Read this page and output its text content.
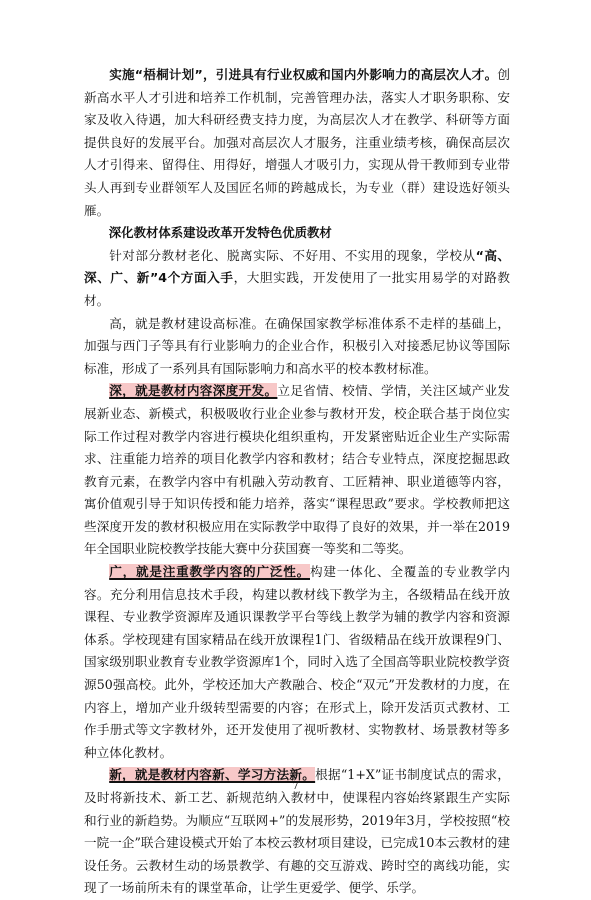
实施“梧桐计划”，引进具有行业权威和国内外影响力的高层次人才。创新高水平人才引进和培养工作机制，完善管理办法，落实人才职务职称、安家及收入待遇，加大科研经费支持力度，为高层次人才在教学、科研等方面提供良好的发展平台。加强对高层次人才服务，注重业绩考核，确保高层次人才引得来、留得住、用得好，增强人才吸引力，实现从骨干教师到专业带头人再到专业群领军人及国匠名师的跨越成长，为专业（群）建设选好领头雁。

深化教材体系建设改革开发特色优质教材

针对部分教材老化、脱离实际、不好用、不实用的现象，学校从“高、深、广、新”4个方面入手，大胆实践，开发使用了一批实用易学的对路教材。

高，就是教材建设高标准。在确保国家教学标准体系不走样的基础上，加强与西门子等具有行业影响力的企业合作，积极引入对接悉尼协议等国际标准，形成了一系列具有国际影响力和高水平的校本教材标准。

深，就是教材内容深度开发。立足省情、校情、学情，关注区域产业发展新业态、新模式，积极吸收行业企业参与教材开发，校企联合基于岗位实际工作过程对教学内容进行模块化组织重构，开发紧密贴近企业生产实际需求、注重能力培养的项目化教学内容和教材；结合专业特点，深度挖掘思政教育元素，在教学内容中有机融入劳动教育、工匠精神、职业道德等内容，寓价值观引导于知识传授和能力培养，落实“课程思政”要求。学校教师把这些深度开发的教材积极应用在实际教学中取得了良好的效果，并一举在2019年全国职业院校教学技能大赛中分获国赛一等奖和二等奖。

广，就是注重教学内容的广泛性。构建一体化、全覆盖的专业教学内容。充分利用信息技术手段，构建以教材线下教学为主，各级精品在线开放课程、专业教学资源库及通识课教学平台等线上教学为辅的教学内容和资源体系。学校现建有国家精品在线开放课程1门、省级精品在线开放课程9门、国家级别职业教育专业教学资源库1个，同时入选了全国高等职业院校教学资源50强高校。此外，学校还加大产教融合、校企“双元”开发教材的力度，在内容上，增加产业升级转型需要的内容；在形式上，除开发活页式教材、工作手册式等文字教材外，还开发使用了视听教材、实物教材、场景教材等多种立体化教材。

新，就是教材内容新、学习方法新。根据“1+X”证书制度试点的需求，及时将新技术、新工艺、新规范纳入教材中，使课程内容始终紧跟生产实际和行业的新趋势。为顺应“互联网+”的发展形势，2019年3月，学校按照“校一院一企”联合建设模式开始了本校云教材项目建设，已完成10本云教材的建设任务。云教材生动的场景教学、有趣的交互游戏、跨时空的离线功能，实现了一场前所未有的课堂革命，让学生更爱学、便学、乐学。

7
